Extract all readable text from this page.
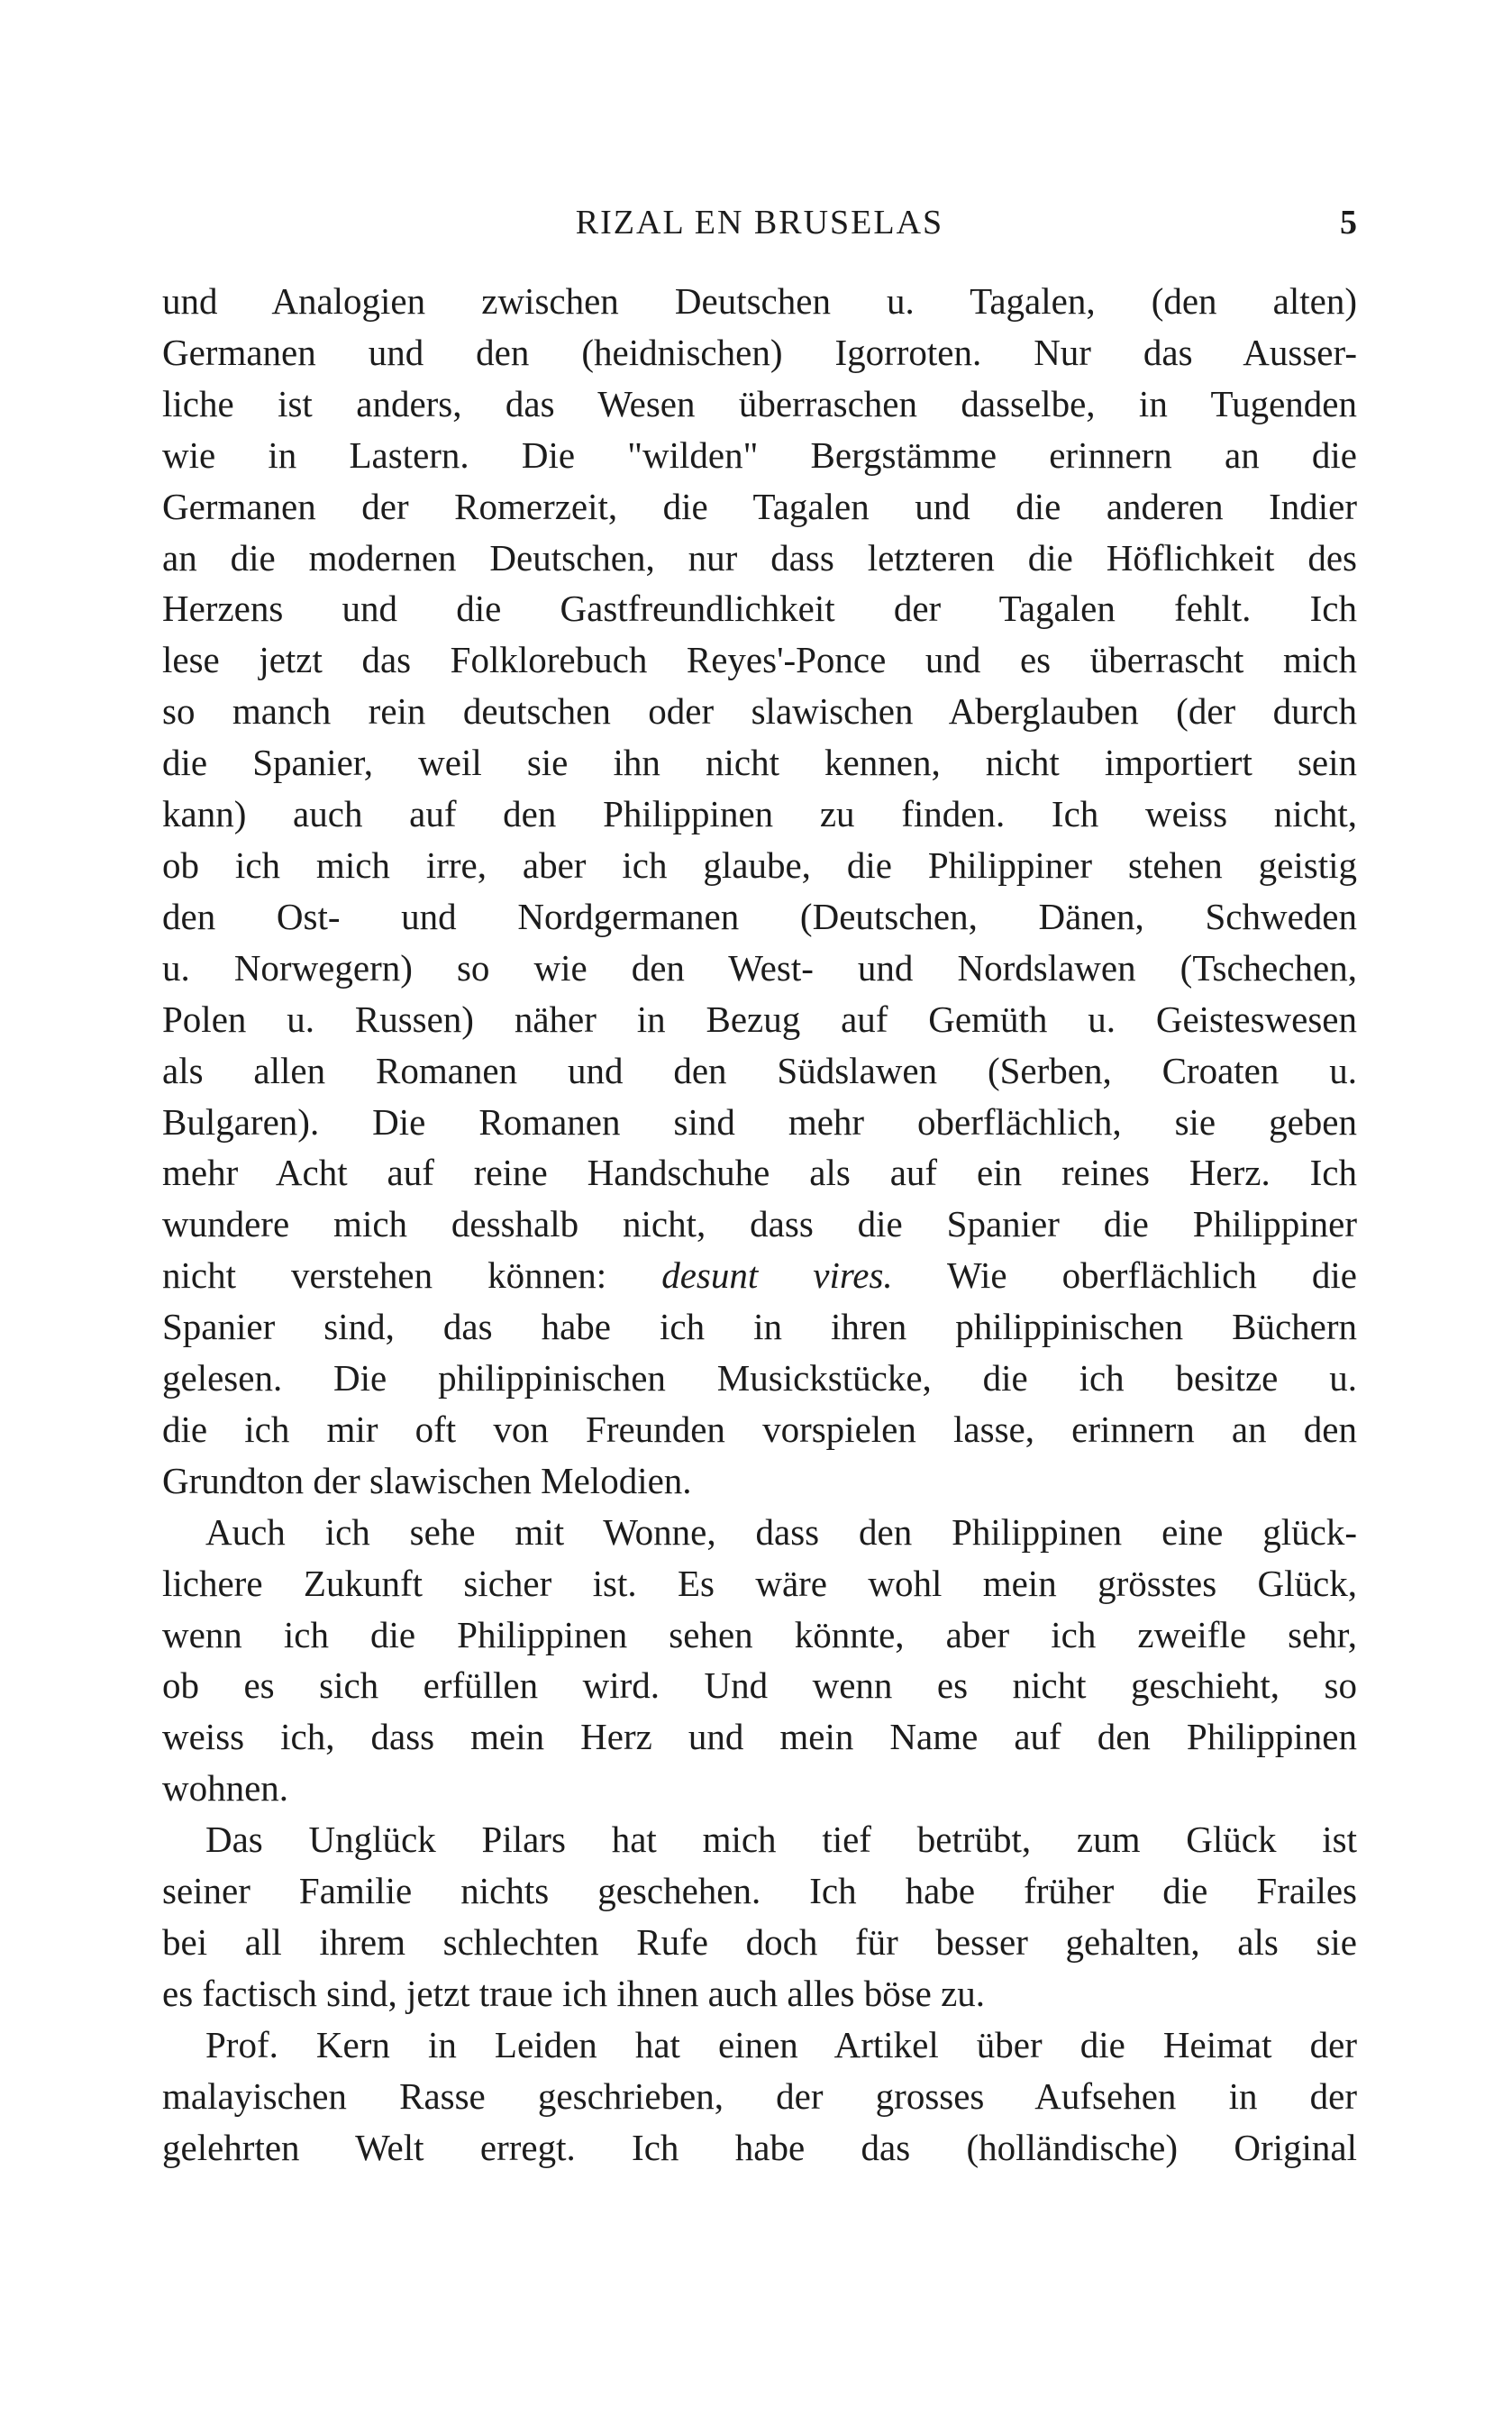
RIZAL EN BRUSELAS	5

und Analogien zwischen Deutschen u. Tagalen, (den alten)
Germanen und den (heidnischen) Igorroten. Nur das Ausser-
liche ist anders, das Wesen überraschen dasselbe, in Tugenden
wie in Lastern. Die "wilden" Bergstämme erinnern an die
Germanen der Romerzeit, die Tagalen und die anderen Indier
an die modernen Deutschen, nur dass letzteren die Höflichkeit des
Herzens und die Gastfreundlichkeit der Tagalen fehlt. Ich
lese jetzt das Folklorebuch Reyes'-Ponce und es überrascht mich
so manch rein deutschen oder slawischen Aberglauben (der durch
die Spanier, weil sie ihn nicht kennen, nicht importiert sein
kann) auch auf den Philippinen zu finden. Ich weiss nicht,
ob ich mich irre, aber ich glaube, die Philippiner stehen geistig
den Ost- und Nordgermanen (Deutschen, Dänen, Schweden
u. Norwegern) so wie den West- und Nordslawen (Tschechen,
Polen u. Russen) näher in Bezug auf Gemüth u. Geisteswesen
als allen Romanen und den Südslawen (Serben, Croaten u.
Bulgaren). Die Romanen sind mehr oberflächlich, sie geben
mehr Acht auf reine Handschuhe als auf ein reines Herz. Ich
wundere mich desshalb nicht, dass die Spanier die Philippiner
nicht verstehen können: desunt vires. Wie oberflächlich die
Spanier sind, das habe ich in ihren philippinischen Büchern
gelesen. Die philippinischen Musickstücke, die ich besitze u.
die ich mir oft von Freunden vorspielen lasse, erinnern an den
Grundton der slawischen Melodien.

Auch ich sehe mit Wonne, dass den Philippinen eine glück-
lichere Zukunft sicher ist. Es wäre wohl mein grösstes Glück,
wenn ich die Philippinen sehen könnte, aber ich zweifle sehr,
ob es sich erfüllen wird. Und wenn es nicht geschieht, so
weiss ich, dass mein Herz und mein Name auf den Philippinen
wohnen.

Das Unglück Pilars hat mich tief betrübt, zum Glück ist
seiner Familie nichts geschehen. Ich habe früher die Frailes
bei all ihrem schlechten Rufe doch für besser gehalten, als sie
es factisch sind, jetzt traue ich ihnen auch alles böse zu.

Prof. Kern in Leiden hat einen Artikel über die Heimat der
malayischen Rasse geschrieben, der grosses Aufsehen in der
gelehrten Welt erregt. Ich habe das (holländische) Original
